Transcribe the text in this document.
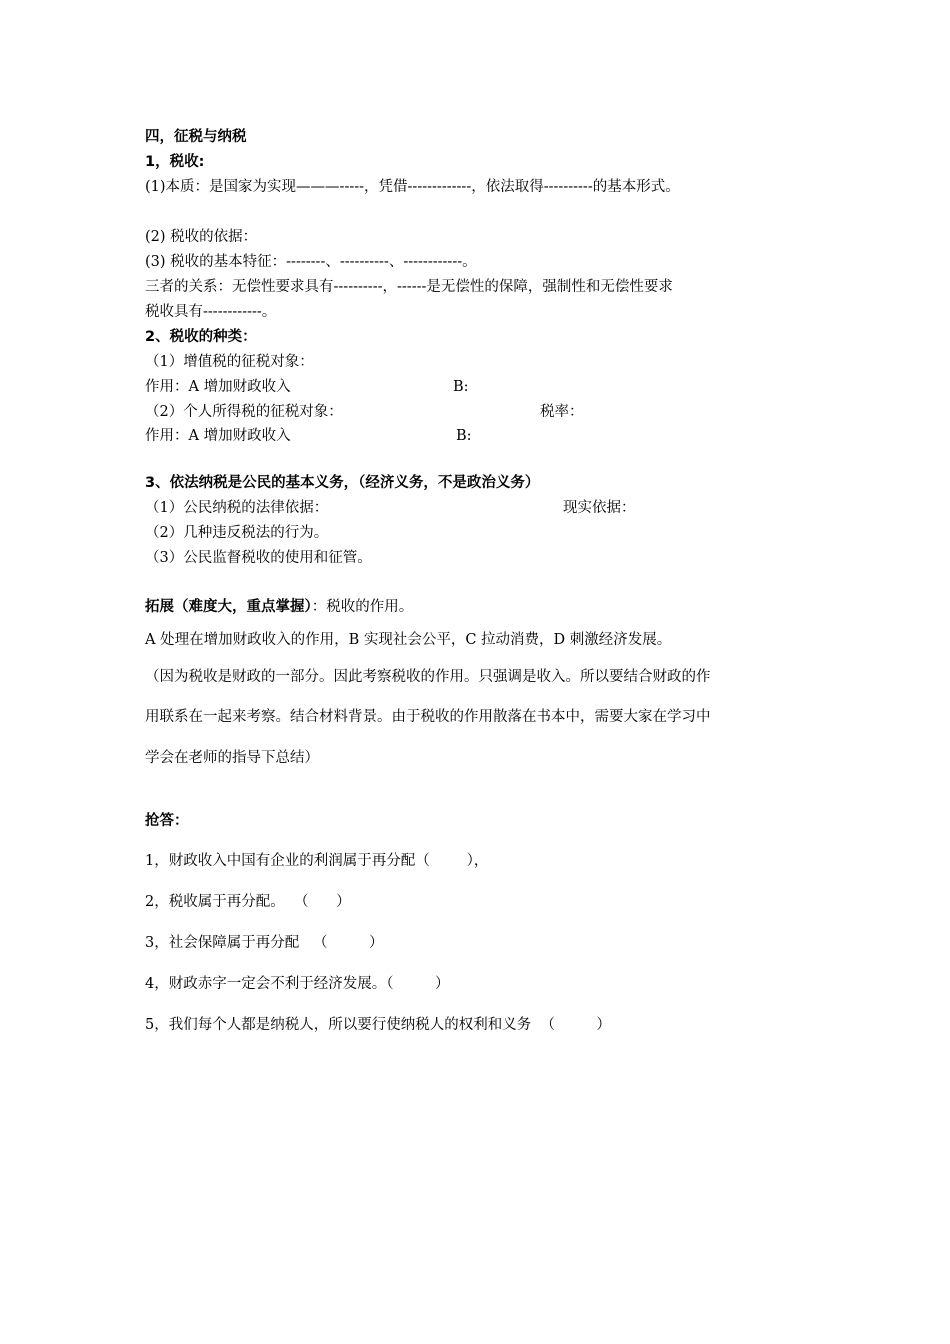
四，征税与纳税
1，税收:
(1)本质：是国家为实现———-----，凭借-------------，依法取得----------的基本形式。
(2) 税收的依据：
(3) 税收的基本特征：--------、----------、------------。
三者的关系：无偿性要求具有----------，------是无偿性的保障，强制性和无偿性要求
税收具有------------。
2、税收的种类：
（1）增值税的征税对象：
作用：A 增加财政收入	B:
（2）个人所得税的征税对象：	税率：
作用：A 增加财政收入	B:
3、依法纳税是公民的基本义务，（经济义务，不是政治义务）
（1）公民纳税的法律依据：	现实依据：
（2）几种违反税法的行为。
（3）公民监督税收的使用和征管。
拓展（难度大，重点掌握）：税收的作用。
A 处理在增加财政收入的作用，B 实现社会公平，C 拉动消费，D 刺激经济发展。
（因为税收是财政的一部分。因此考察税收的作用。只强调是收入。所以要结合财政的作
用联系在一起来考察。结合材料背景。由于税收的作用散落在书本中，需要大家在学习中
学会在老师的指导下总结）
抢答：
1，财政收入中国有企业的利润属于再分配（        ），
2，税收属于再分配。  （      ）
3，社会保障属于再分配   （         ）
4，财政赤字一定会不利于经济发展。（         ）
5，我们每个人都是纳税人，所以要行使纳税人的权利和义务  （         ）
